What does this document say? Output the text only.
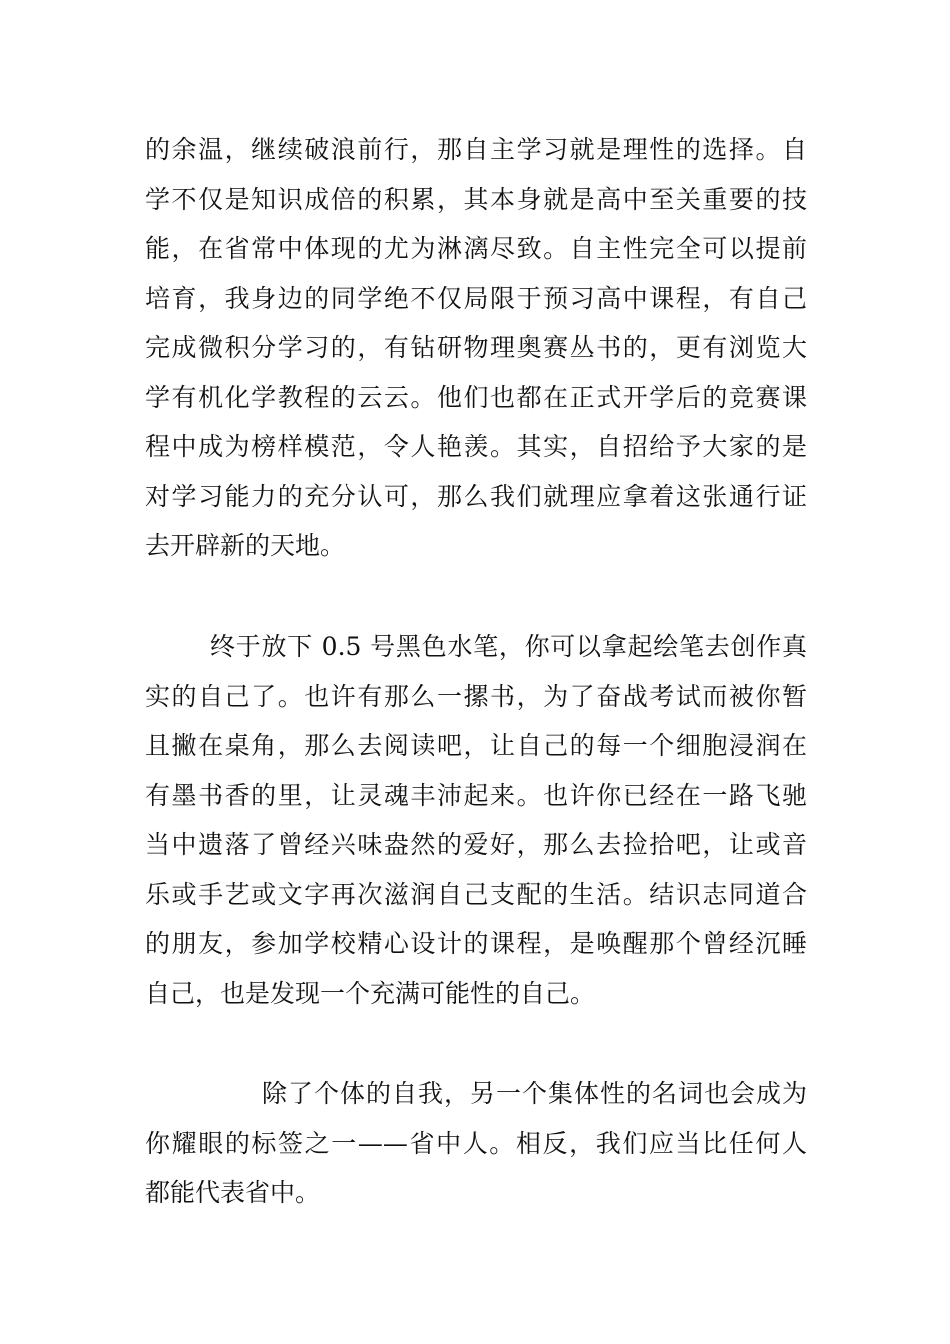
的余温，继续破浪前行，那自主学习就是理性的选择。自
学不仅是知识成倍的积累，其本身就是高中至关重要的技
能，在省常中体现的尤为淋漓尽致。自主性完全可以提前
培育，我身边的同学绝不仅局限于预习高中课程，有自己
完成微积分学习的，有钻研物理奥赛丛书的，更有浏览大
学有机化学教程的云云。他们也都在正式开学后的竞赛课
程中成为榜样模范，令人艳羡。其实，自招给予大家的是
对学习能力的充分认可，那么我们就理应拿着这张通行证
去开辟新的天地。
终于放下 0.5 号黑色水笔，你可以拿起绘笔去创作真
实的自己了。也许有那么一摞书，为了奋战考试而被你暂
且撇在桌角，那么去阅读吧，让自己的每一个细胞浸润在
有墨书香的里，让灵魂丰沛起来。也许你已经在一路飞驰
当中遗落了曾经兴味盎然的爱好，那么去捡拾吧，让或音
乐或手艺或文字再次滋润自己支配的生活。结识志同道合
的朋友，参加学校精心设计的课程，是唤醒那个曾经沉睡
自己，也是发现一个充满可能性的自己。
除了个体的自我，另一个集体性的名词也会成为
你耀眼的标签之一——省中人。相反，我们应当比任何人
都能代表省中。
